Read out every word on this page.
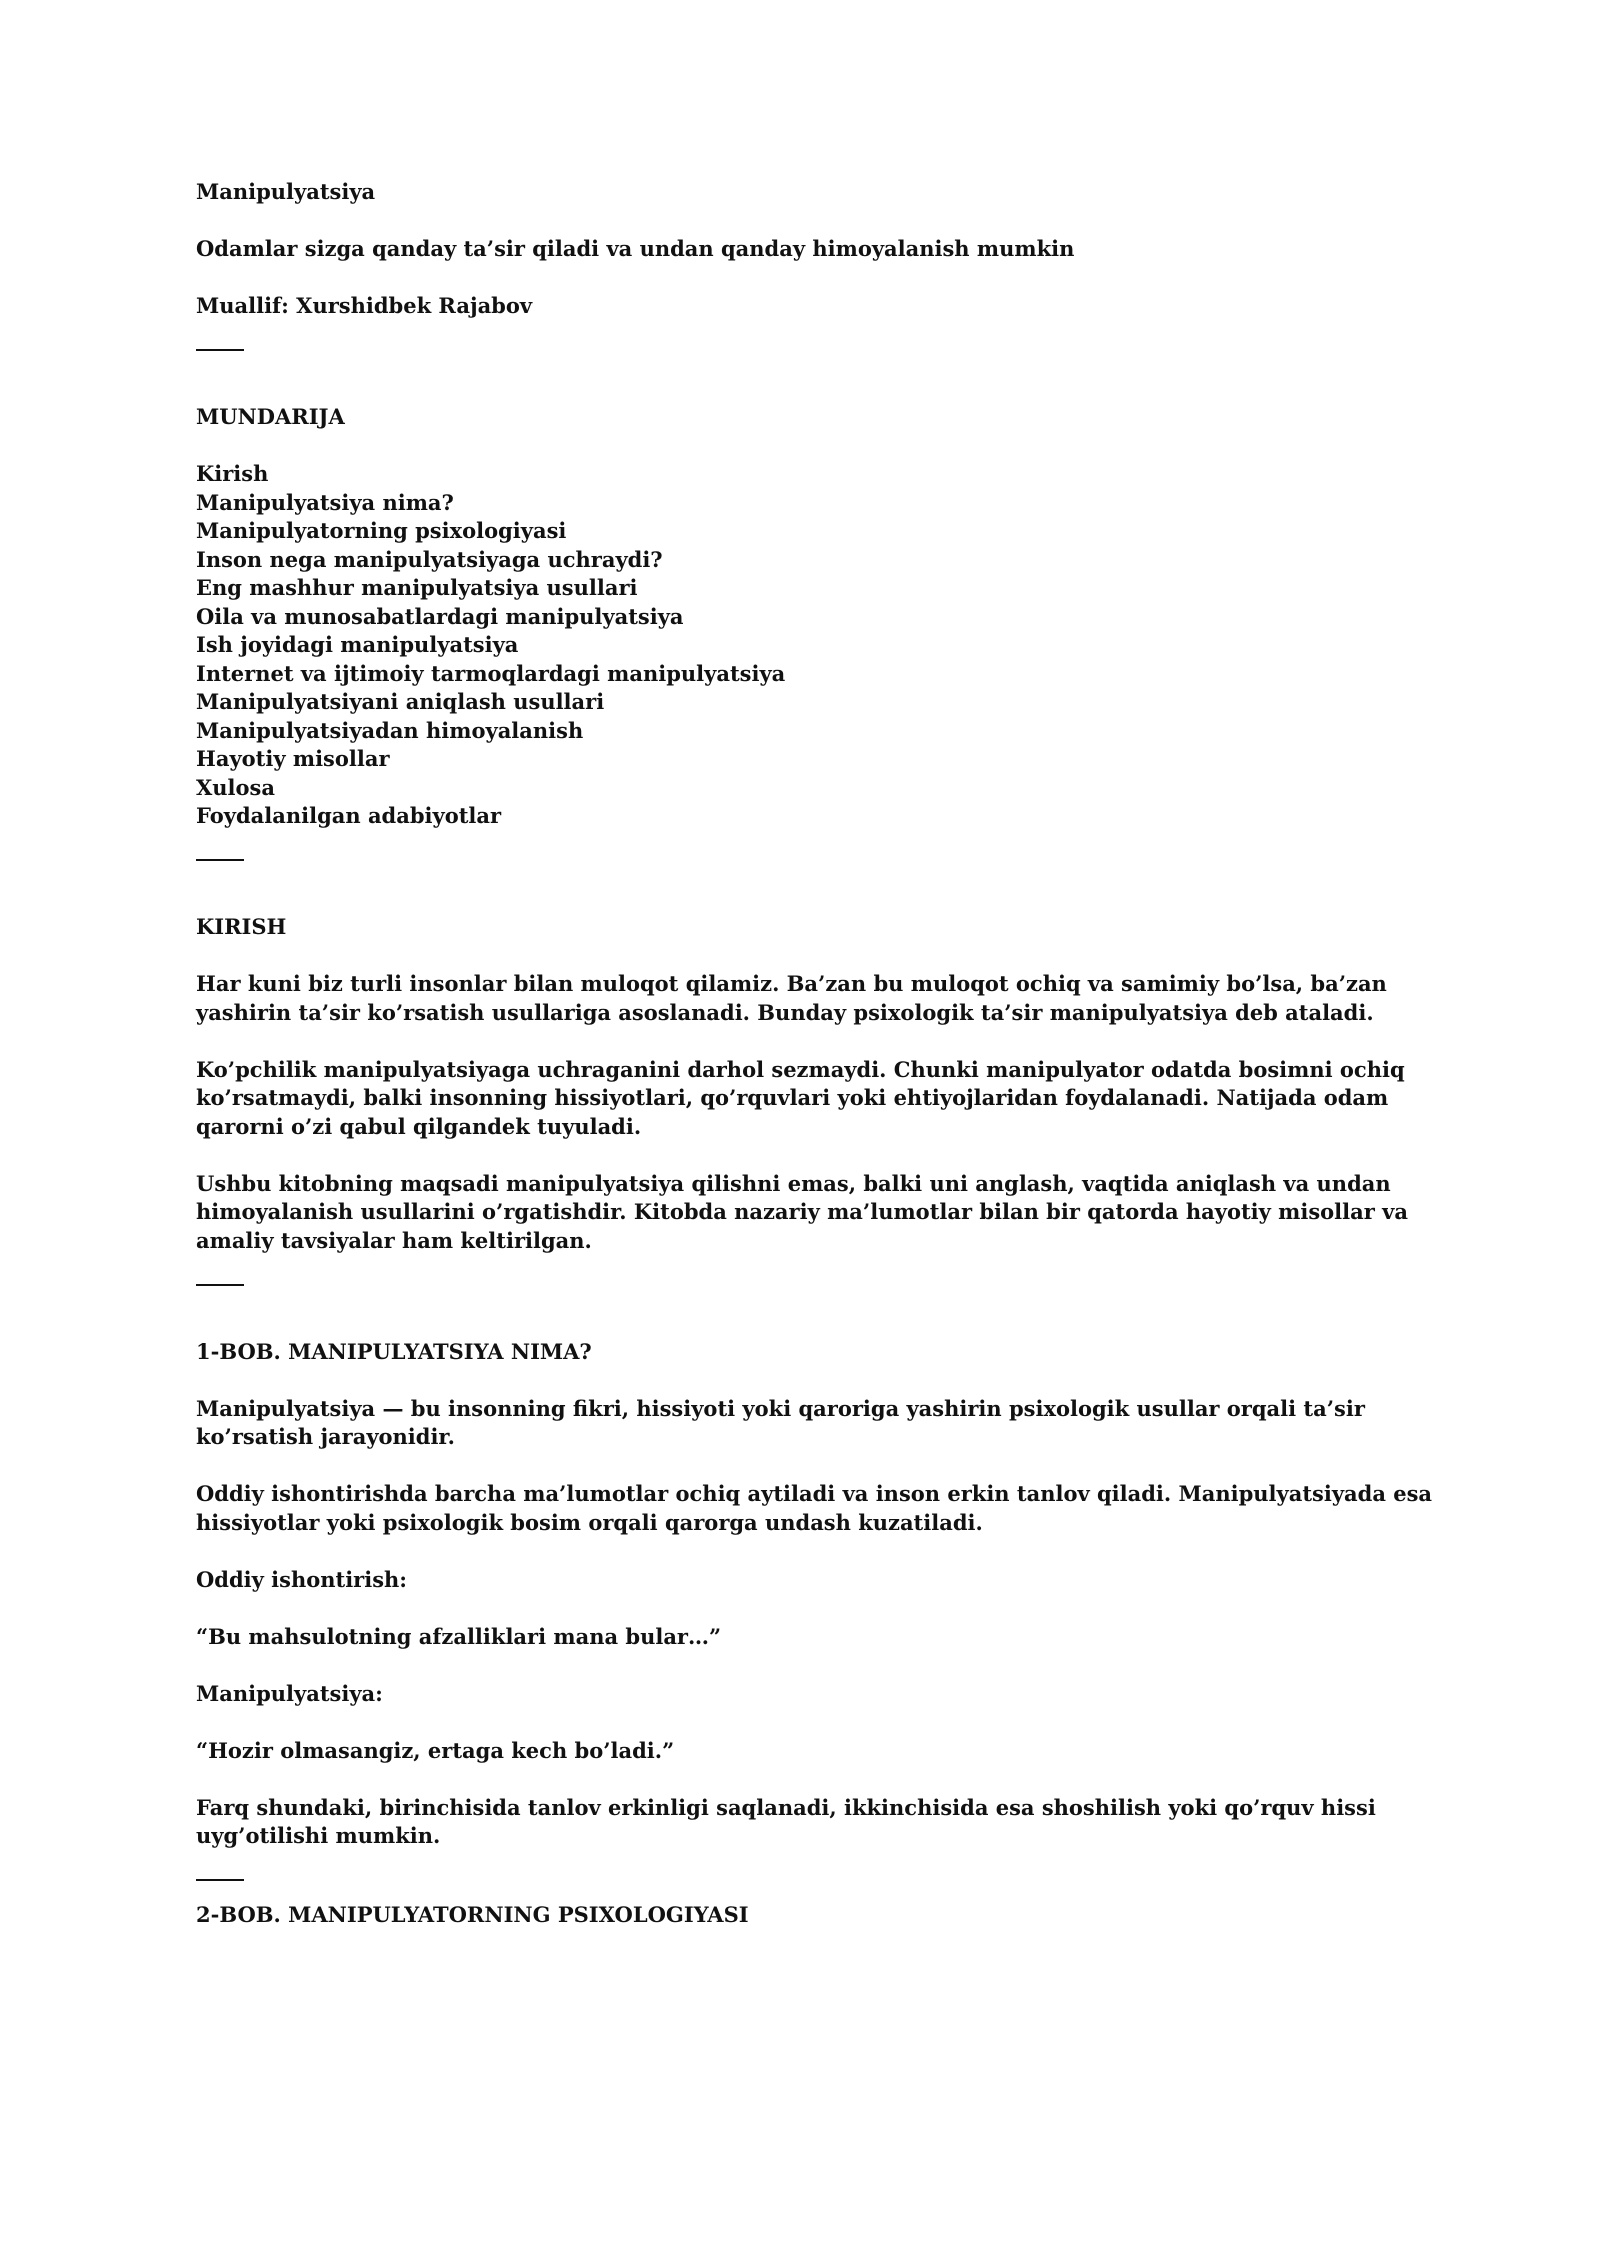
Manipulyatsiya
Odamlar sizga qanday ta’sir qiladi va undan qanday himoyalanish mumkin
Muallif: Xurshidbek Rajabov
MUNDARIJA
Kirish
Manipulyatsiya nima?
Manipulyatorning psixologiyasi
Inson nega manipulyatsiyaga uchraydi?
Eng mashhur manipulyatsiya usullari
Oila va munosabatlardagi manipulyatsiya
Ish joyidagi manipulyatsiya
Internet va ijtimoiy tarmoqlardagi manipulyatsiya
Manipulyatsiyani aniqlash usullari
Manipulyatsiyadan himoyalanish
Hayotiy misollar
Xulosa
Foydalanilgan adabiyotlar
KIRISH

Har kuni biz turli insonlar bilan muloqot qilamiz. Ba’zan bu muloqot ochiq va samimiy bo’lsa, ba’zan yashirin ta’sir ko’rsatish usullariga asoslanadi. Bunday psixologik ta’sir manipulyatsiya deb ataladi.

Ko’pchilik manipulyatsiyaga uchraganini darhol sezmaydi. Chunki manipulyator odatda bosimni ochiq ko’rsatmaydi, balki insonning hissiyotlari, qo’rquvlari yoki ehtiyojlaridan foydalanadi. Natijada odam qarorni o’zi qabul qilgandek tuyuladi.

Ushbu kitobning maqsadi manipulyatsiya qilishni emas, balki uni anglash, vaqtida aniqlash va undan himoyalanish usullarini o’rgatishdir. Kitobda nazariy ma’lumotlar bilan bir qatorda hayotiy misollar va amaliy tavsiyalar ham keltirilgan.

1-BOB. MANIPULYATSIYA NIMA?

Manipulyatsiya — bu insonning fikri, hissiyoti yoki qaroriga yashirin psixologik usullar orqali ta’sir ko’rsatish jarayonidir.

Oddiy ishontirishda barcha ma’lumotlar ochiq aytiladi va inson erkin tanlov qiladi. Manipulyatsiyada esa hissiyotlar yoki psixologik bosim orqali qarorga undash kuzatiladi.

Oddiy ishontirish:

“Bu mahsulotning afzalliklari mana bular…”

Manipulyatsiya:

“Hozir olmasangiz, ertaga kech bo’ladi.”

Farq shundaki, birinchisida tanlov erkinligi saqlanadi, ikkinchisida esa shoshilish yoki qo’rquv hissi uyg’otilishi mumkin.

2-BOB. MANIPULYATORNING PSIXOLOGIYASI
